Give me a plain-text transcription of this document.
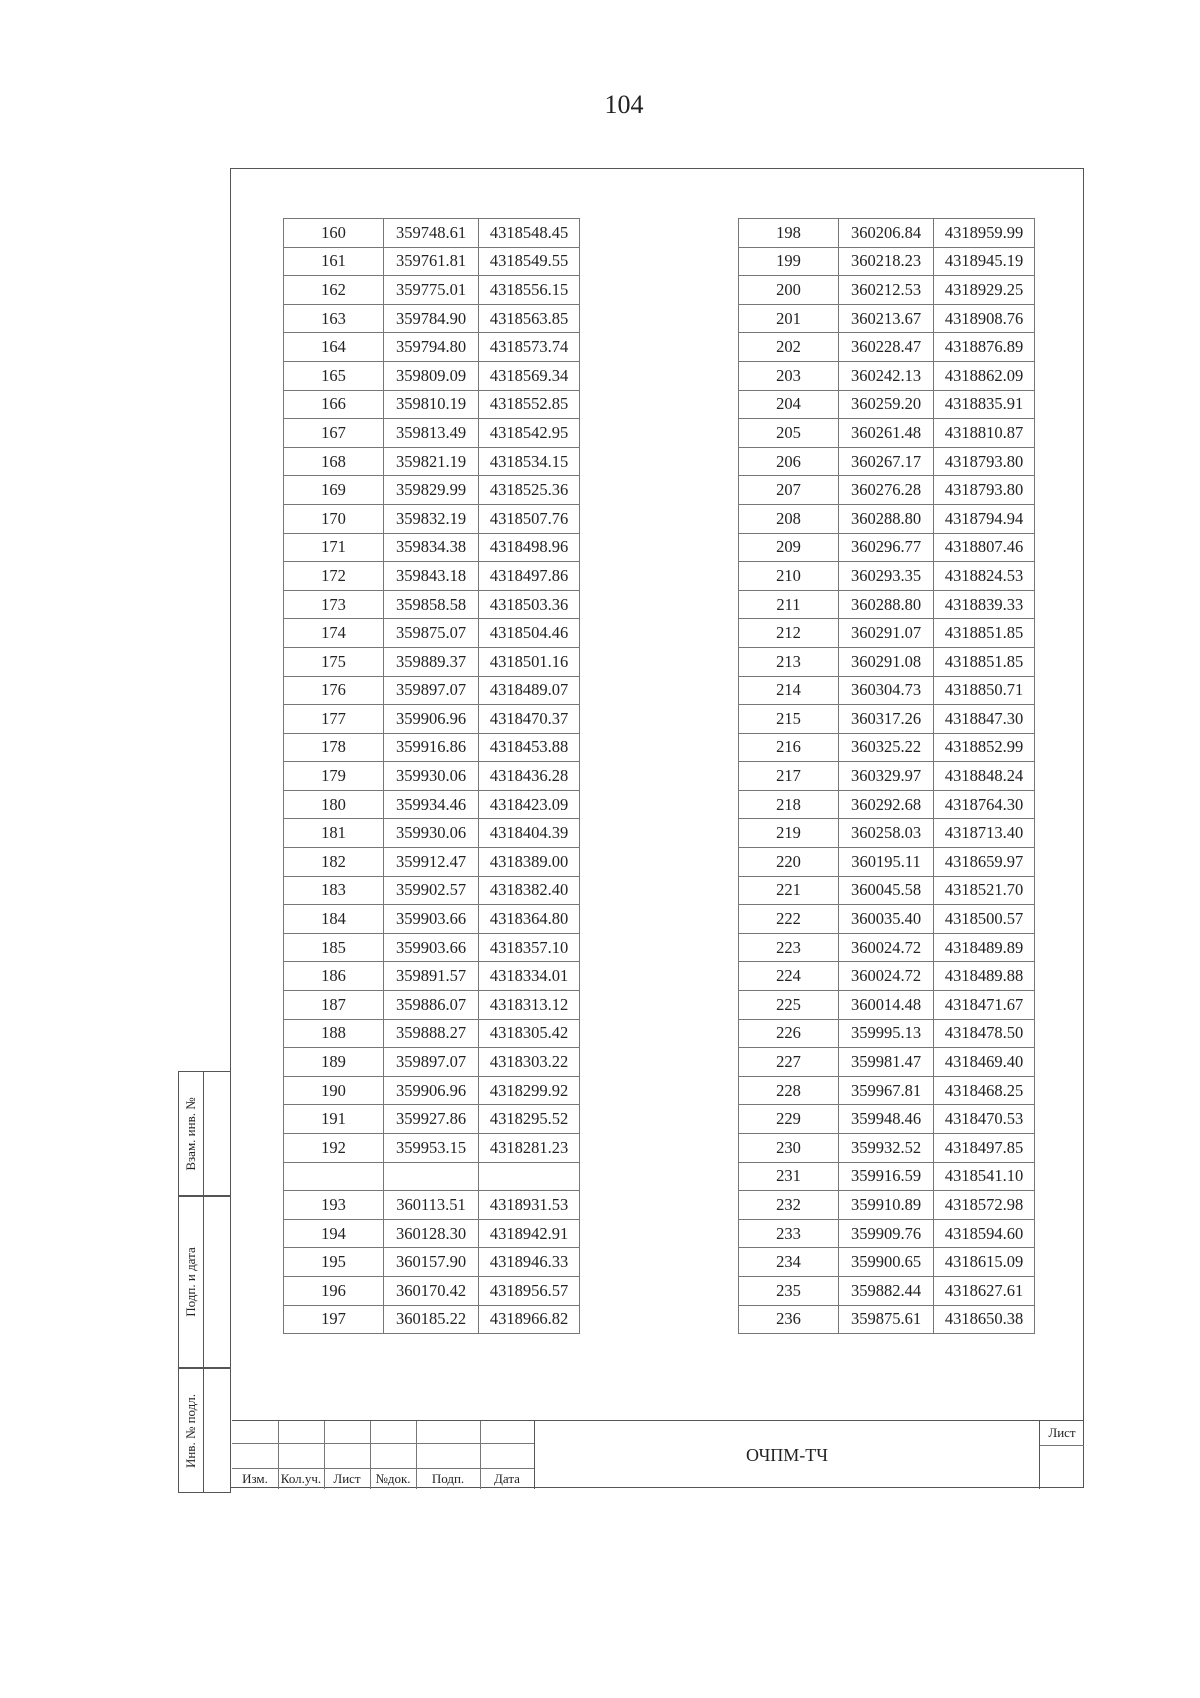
104
160	359748.61	4318548.45
161	359761.81	4318549.55
162	359775.01	4318556.15
163	359784.90	4318563.85
164	359794.80	4318573.74
165	359809.09	4318569.34
166	359810.19	4318552.85
167	359813.49	4318542.95
168	359821.19	4318534.15
169	359829.99	4318525.36
170	359832.19	4318507.76
171	359834.38	4318498.96
172	359843.18	4318497.86
173	359858.58	4318503.36
174	359875.07	4318504.46
175	359889.37	4318501.16
176	359897.07	4318489.07
177	359906.96	4318470.37
178	359916.86	4318453.88
179	359930.06	4318436.28
180	359934.46	4318423.09
181	359930.06	4318404.39
182	359912.47	4318389.00
183	359902.57	4318382.40
184	359903.66	4318364.80
185	359903.66	4318357.10
186	359891.57	4318334.01
187	359886.07	4318313.12
188	359888.27	4318305.42
189	359897.07	4318303.22
190	359906.96	4318299.92
191	359927.86	4318295.52
192	359953.15	4318281.23

193	360113.51	4318931.53
194	360128.30	4318942.91
195	360157.90	4318946.33
196	360170.42	4318956.57
197	360185.22	4318966.82
198	360206.84	4318959.99
199	360218.23	4318945.19
200	360212.53	4318929.25
201	360213.67	4318908.76
202	360228.47	4318876.89
203	360242.13	4318862.09
204	360259.20	4318835.91
205	360261.48	4318810.87
206	360267.17	4318793.80
207	360276.28	4318793.80
208	360288.80	4318794.94
209	360296.77	4318807.46
210	360293.35	4318824.53
211	360288.80	4318839.33
212	360291.07	4318851.85
213	360291.08	4318851.85
214	360304.73	4318850.71
215	360317.26	4318847.30
216	360325.22	4318852.99
217	360329.97	4318848.24
218	360292.68	4318764.30
219	360258.03	4318713.40
220	360195.11	4318659.97
221	360045.58	4318521.70
222	360035.40	4318500.57
223	360024.72	4318489.89
224	360024.72	4318489.88
225	360014.48	4318471.67
226	359995.13	4318478.50
227	359981.47	4318469.40
228	359967.81	4318468.25
229	359948.46	4318470.53
230	359932.52	4318497.85
231	359916.59	4318541.10
232	359910.89	4318572.98
233	359909.76	4318594.60
234	359900.65	4318615.09
235	359882.44	4318627.61
236	359875.61	4318650.38
Взам. инв. №
Подп. и дата
Инв. № подл.
Изм. Кол.уч. Лист	№док.	Подп.	Дата
ОЧПМ-ТЧ
Лист
